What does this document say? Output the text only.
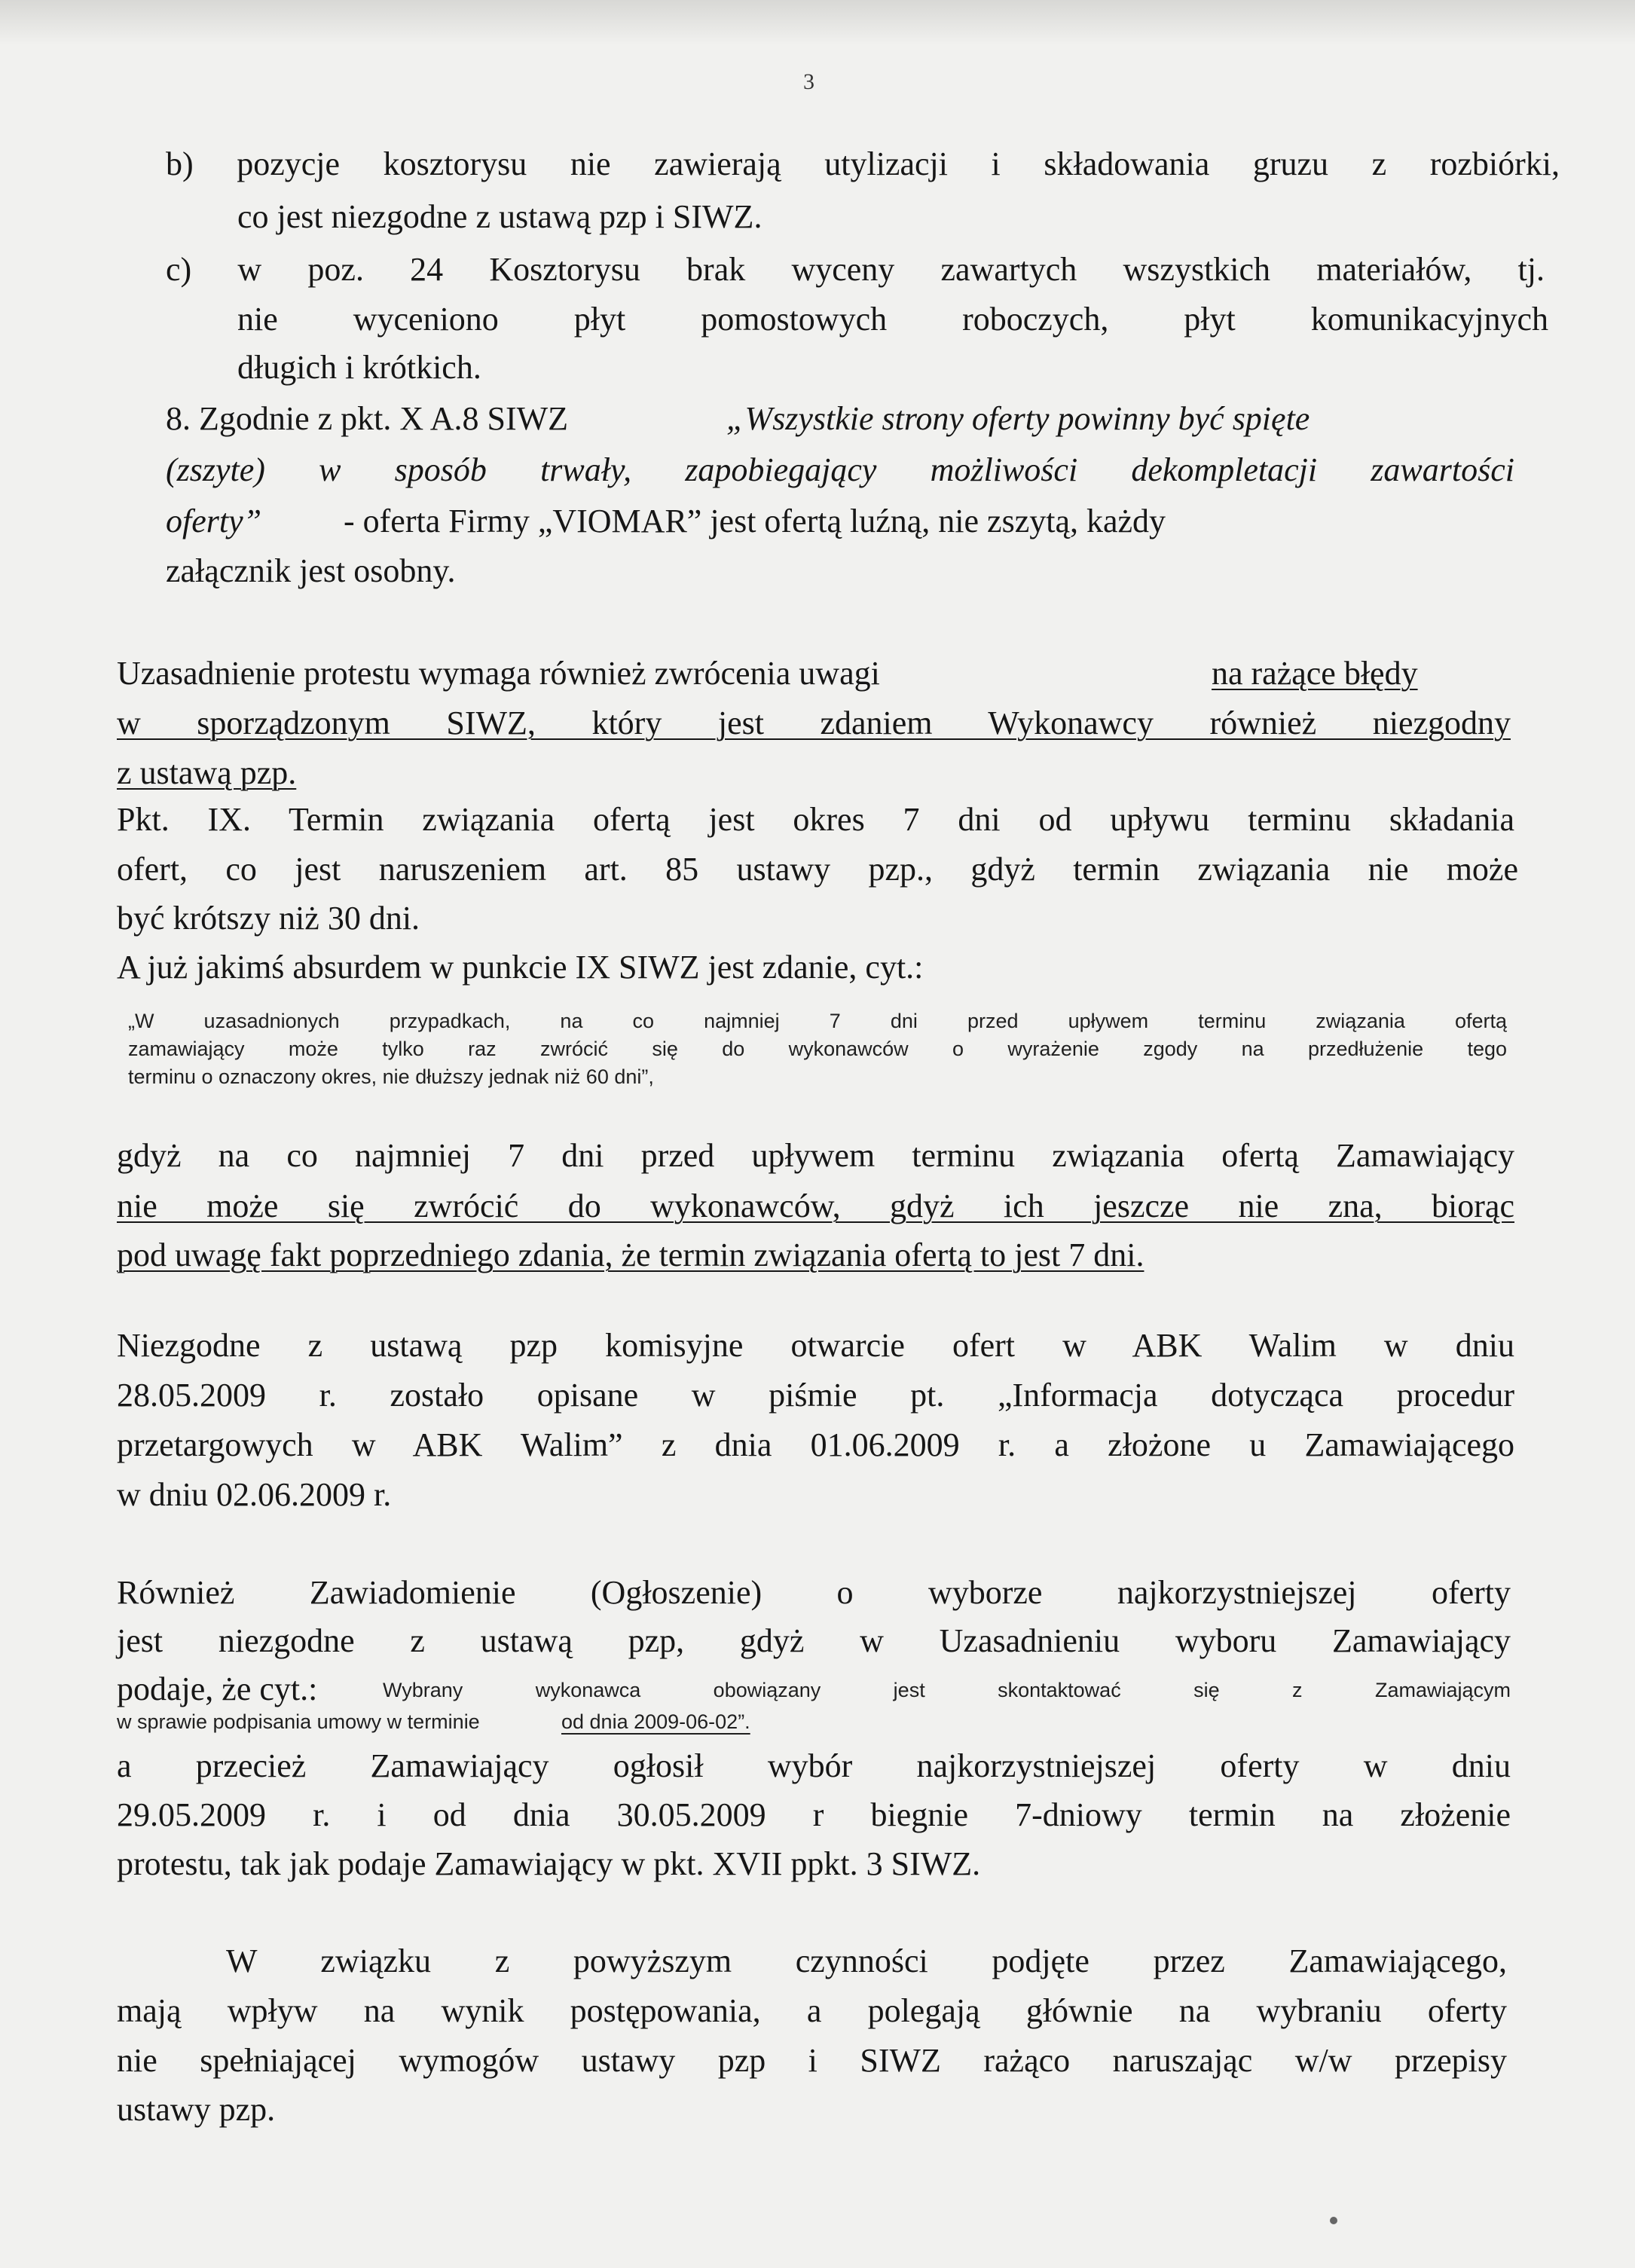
3
b) pozycje kosztorysu nie zawierają utylizacji i składowania gruzu z rozbiórki,
co jest niezgodne z ustawą pzp i SIWZ.
c) w poz. 24 Kosztorysu brak wyceny zawartych wszystkich materiałów, tj.
nie wyceniono płyt pomostowych roboczych, płyt komunikacyjnych
długich i krótkich.
8. Zgodnie z pkt. X A.8 SIWZ	„Wszystkie strony oferty powinny być spięte
(zszyte) w sposób trwały, zapobiegający możliwości dekompletacji zawartości
oferty” - oferta Firmy „VIOMAR” jest ofertą luźną, nie zszytą, każdy
załącznik jest osobny.
Uzasadnienie protestu wymaga również zwrócenia uwagi	na rażące błędy
w sporządzonym SIWZ, który jest zdaniem Wykonawcy również niezgodny
z ustawą pzp.
Pkt. IX. Termin związania ofertą jest okres 7 dni od upływu terminu składania
ofert, co jest naruszeniem art. 85 ustawy pzp., gdyż termin związania nie może
być krótszy niż 30 dni.
A już jakimś absurdem w punkcie IX SIWZ jest zdanie, cyt.:
„W uzasadnionych przypadkach, na co najmniej 7 dni przed upływem terminu związania ofertą
zamawiający może tylko raz zwrócić się do wykonawców o wyrażenie zgody na przedłużenie tego
terminu o oznaczony okres, nie dłuższy jednak niż 60 dni”,
gdyż na co najmniej 7 dni przed upływem terminu związania ofertą Zamawiający
nie może się zwrócić do wykonawców, gdyż ich jeszcze nie zna, biorąc
pod uwagę fakt poprzedniego zdania, że termin związania ofertą to jest 7 dni.
Niezgodne z ustawą pzp komisyjne otwarcie ofert w ABK Walim w dniu
28.05.2009 r. zostało opisane w piśmie pt. „Informacja dotycząca procedur
przetargowych w ABK Walim” z dnia 01.06.2009 r. a złożone u Zamawiającego
w dniu 02.06.2009 r.
Również Zawiadomienie (Ogłoszenie) o wyborze najkorzystniejszej oferty
jest niezgodne z ustawą pzp, gdyż w Uzasadnieniu wyboru Zamawiający
podaje, że cyt.:	Wybrany wykonawca obowiązany jest skontaktować się z Zamawiającym
w sprawie podpisania umowy w terminie	od dnia 2009-06-02”.
a przecież Zamawiający ogłosił wybór najkorzystniejszej oferty w dniu
29.05.2009 r. i od dnia 30.05.2009 r biegnie 7-dniowy termin na złożenie
protestu, tak jak podaje Zamawiający w pkt. XVII ppkt. 3 SIWZ.
W związku z powyższym czynności podjęte przez Zamawiającego,
mają wpływ na wynik postępowania, a polegają głównie na wybraniu oferty
nie spełniającej wymogów ustawy pzp i SIWZ rażąco naruszając w/w przepisy
ustawy pzp.
